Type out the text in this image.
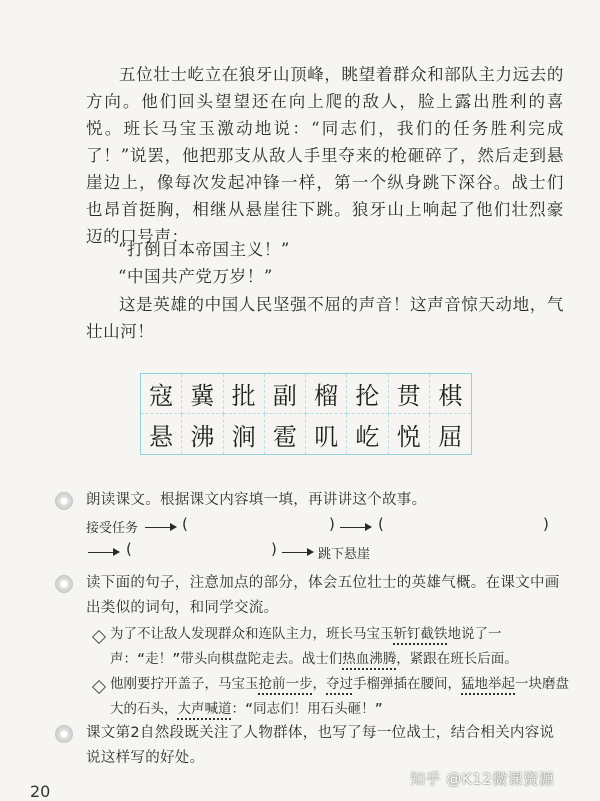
五位壮士屹立在狼牙山顶峰，眺望着群众和部队主力远去的方向。他们回头望望还在向上爬的敌人，脸上露出胜利的喜悦。班长马宝玉激动地说：“同志们，我们的任务胜利完成了！”说罢，他把那支从敌人手里夺来的枪砸碎了，然后走到悬崖边上，像每次发起冲锋一样，第一个纵身跳下深谷。战士们也昂首挺胸，相继从悬崖往下跳。狼牙山上响起了他们壮烈豪迈的口号声：

“打倒日本帝国主义！”

“中国共产党万岁！”

这是英雄的中国人民坚强不屈的声音！这声音惊天动地，气壮山河！

寇 冀 批 副 榴 抡 贯 棋
悬 沸 涧 雹 叽 屹 悦 屈

朗读课文。根据课文内容填一填，再讲讲这个故事。

接受任务	(	)	(	)
(	)	跳下悬崖

读下面的句子，注意加点的部分，体会五位壮士的英雄气概。在课文中画出类似的词句，和同学交流。

为了不让敌人发现群众和连队主力，班长马宝玉斩钉截铁地说了一声：“走！”带头向棋盘陀走去。战士们热血沸腾，紧跟在班长后面。

他刚要拧开盖子，马宝玉抢前一步，夺过手榴弹插在腰间，猛地举起一块磨盘大的石头，大声喊道：“同志们！用石头砸！”

课文第2自然段既关注了人物群体，也写了每一位战士，结合相关内容说说这样写的好处。

20
知乎 @K12微课资源
